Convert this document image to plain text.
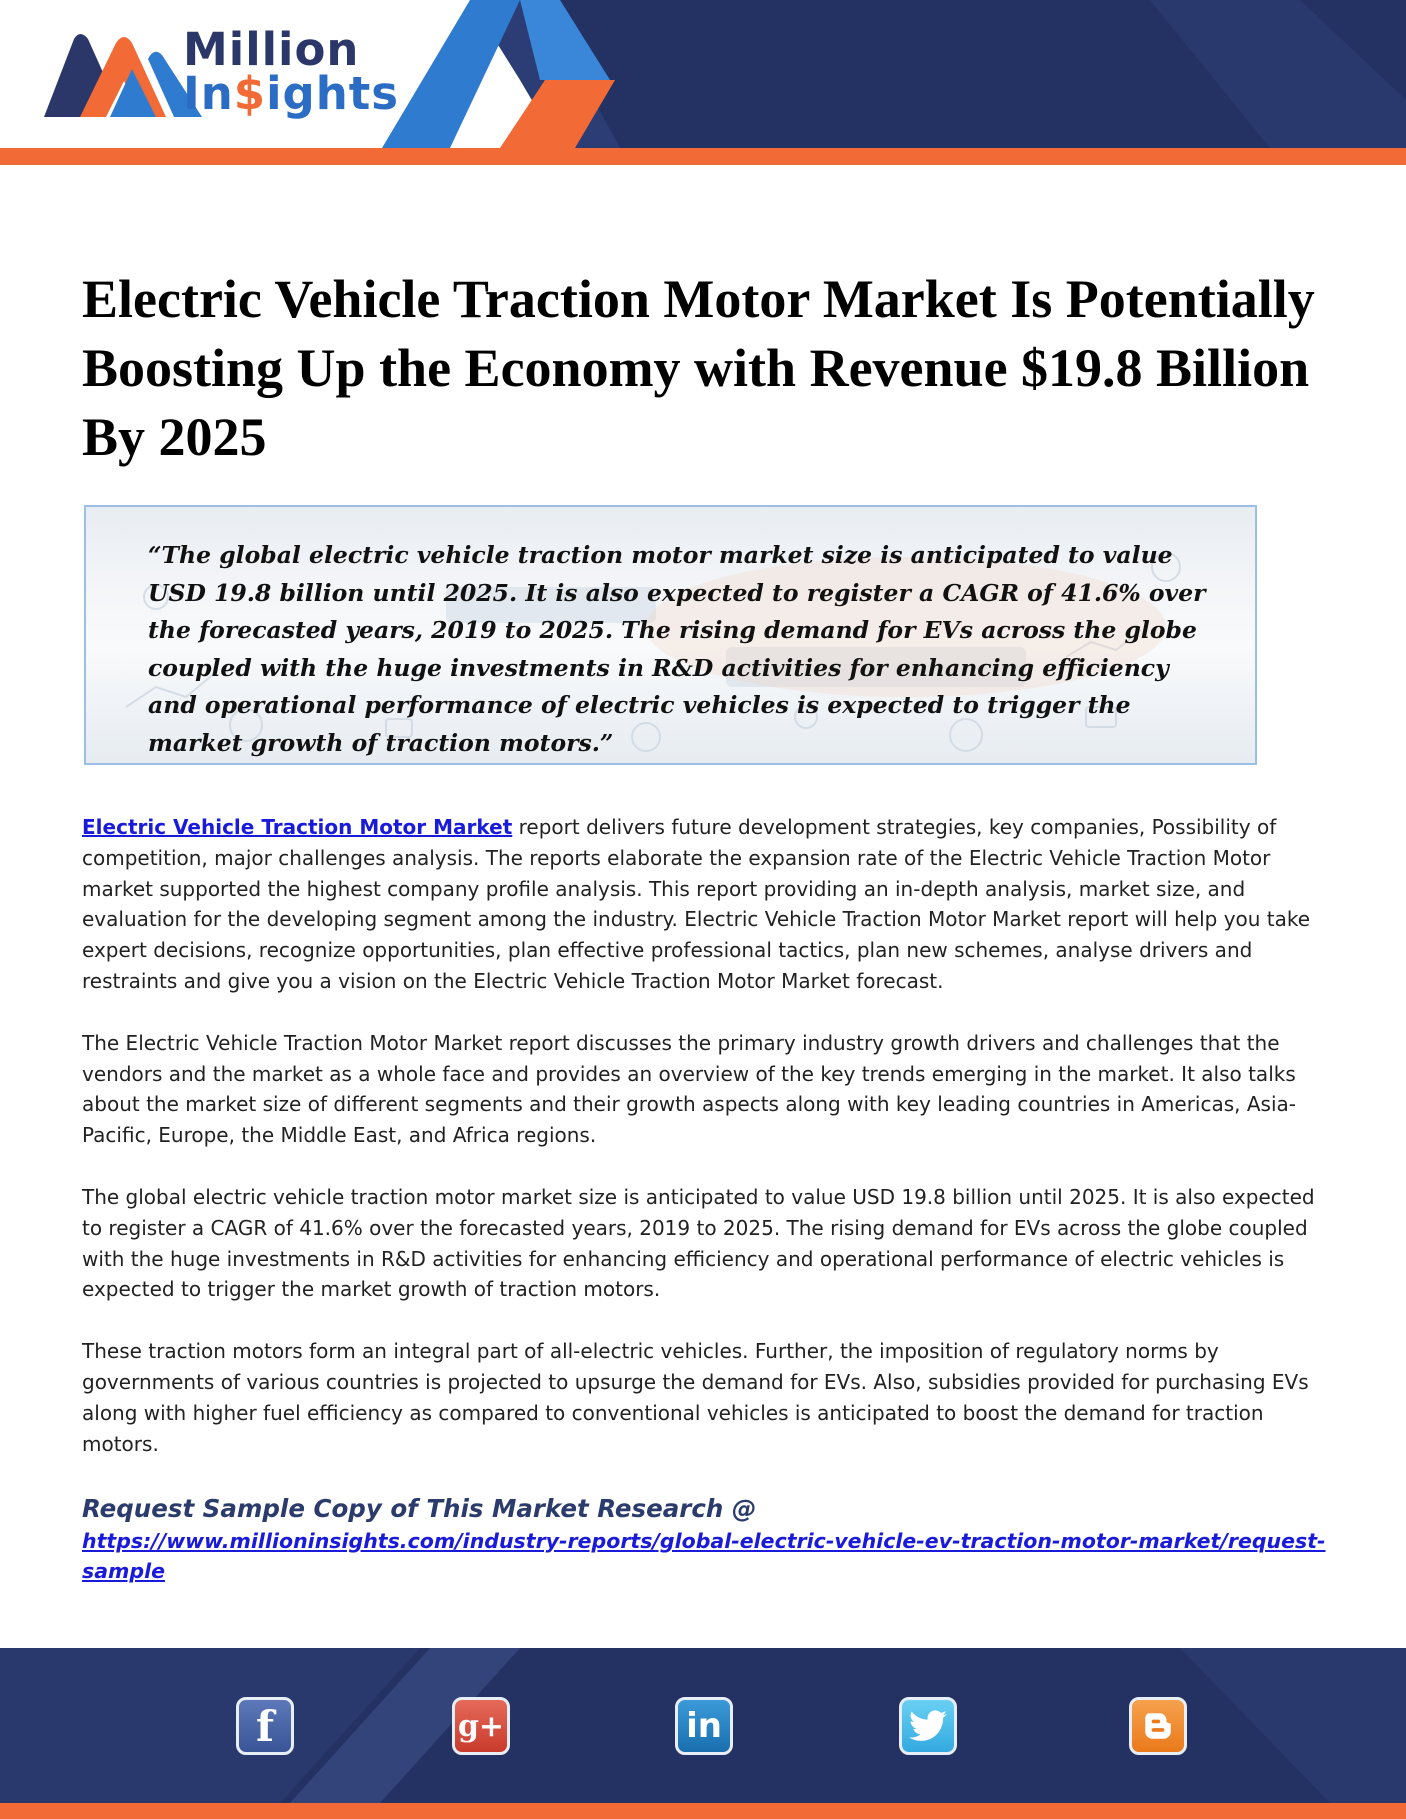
Million
In$ights
Electric Vehicle Traction Motor Market Is Potentially Boosting Up the Economy with Revenue $19.8 Billion By 2025

“The global electric vehicle traction motor market size is anticipated to value USD 19.8 billion until 2025. It is also expected to register a CAGR of 41.6% over the forecasted years, 2019 to 2025. The rising demand for EVs across the globe coupled with the huge investments in R&D activities for enhancing efficiency and operational performance of electric vehicles is expected to trigger the market growth of traction motors.”

Electric Vehicle Traction Motor Market report delivers future development strategies, key companies, Possibility of competition, major challenges analysis. The reports elaborate the expansion rate of the Electric Vehicle Traction Motor market supported the highest company profile analysis. This report providing an in-depth analysis, market size, and evaluation for the developing segment among the industry. Electric Vehicle Traction Motor Market report will help you take expert decisions, recognize opportunities, plan effective professional tactics, plan new schemes, analyse drivers and restraints and give you a vision on the Electric Vehicle Traction Motor Market forecast.

The Electric Vehicle Traction Motor Market report discusses the primary industry growth drivers and challenges that the vendors and the market as a whole face and provides an overview of the key trends emerging in the market. It also talks about the market size of different segments and their growth aspects along with key leading countries in Americas, Asia-Pacific, Europe, the Middle East, and Africa regions.

The global electric vehicle traction motor market size is anticipated to value USD 19.8 billion until 2025. It is also expected to register a CAGR of 41.6% over the forecasted years, 2019 to 2025. The rising demand for EVs across the globe coupled with the huge investments in R&D activities for enhancing efficiency and operational performance of electric vehicles is expected to trigger the market growth of traction motors.

These traction motors form an integral part of all-electric vehicles. Further, the imposition of regulatory norms by governments of various countries is projected to upsurge the demand for EVs. Also, subsidies provided for purchasing EVs along with higher fuel efficiency as compared to conventional vehicles is anticipated to boost the demand for traction motors.

Request Sample Copy of This Market Research @
https://www.millioninsights.com/industry-reports/global-electric-vehicle-ev-traction-motor-market/request-sample
f	g+	in
